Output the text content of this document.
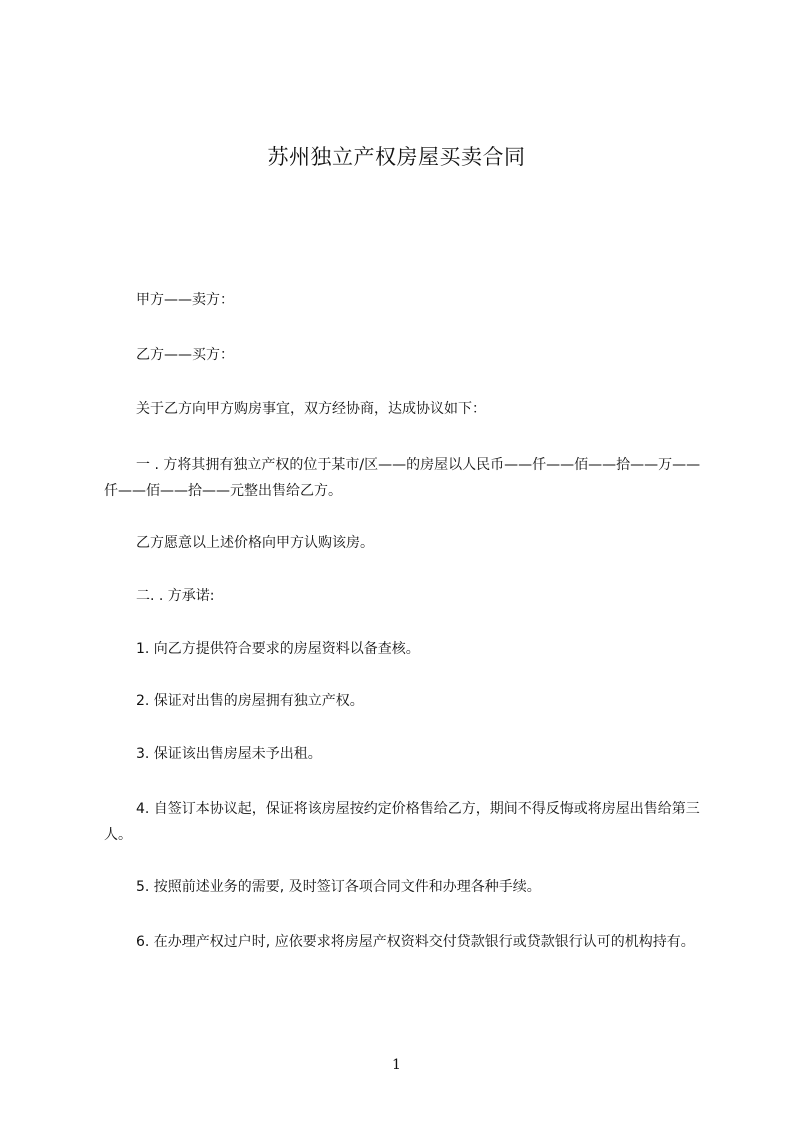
苏州独立产权房屋买卖合同
甲方——卖方：
乙方——买方：
关于乙方向甲方购房事宜，双方经协商，达成协议如下：
一 . 方将其拥有独立产权的位于某市/区——的房屋以人民币——仟——佰——拾——万——仟——佰——拾——元整出售给乙方。
乙方愿意以上述价格向甲方认购该房。
二. . 方承诺:
1. 向乙方提供符合要求的房屋资料以备查核。
2. 保证对出售的房屋拥有独立产权。
3. 保证该出售房屋未予出租。
4. 自签订本协议起，保证将该房屋按约定价格售给乙方，期间不得反悔或将房屋出售给第三人。
5. 按照前述业务的需要, 及时签订各项合同文件和办理各种手续。
6. 在办理产权过户时, 应依要求将房屋产权资料交付贷款银行或贷款银行认可的机构持有。
1
